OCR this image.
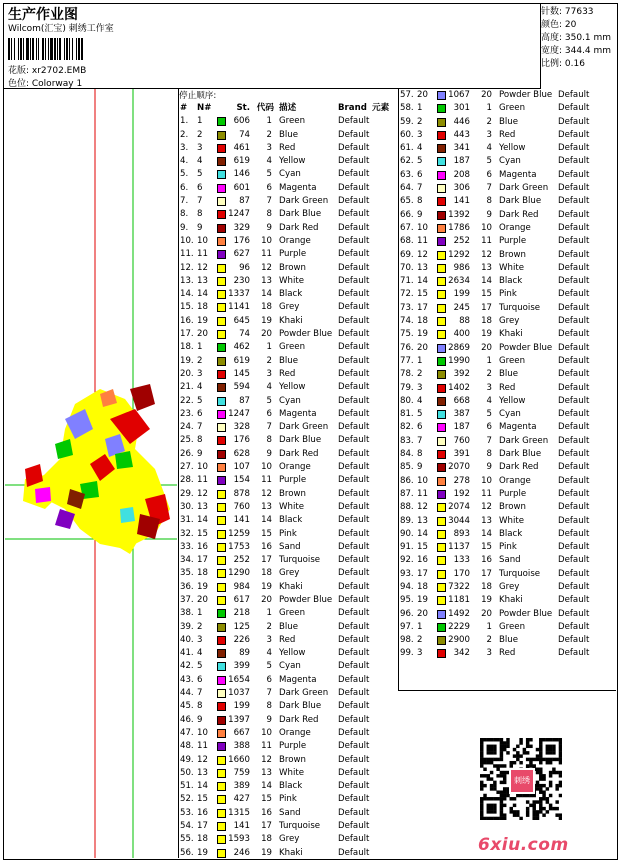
生产作业图
Wilcom(汇宝) 刺绣工作室
花版: xr2702.EMB
色位: Colorway 1
针数: 77633
颜色: 20
高度: 350.1 mm
宽度: 344.4 mm
比例: 0.16
停止顺序:
# N#	St. 代码 描述	Brand 元素
1. 1	606	1 Green	Default
2. 2	74	2 Blue	Default
3. 3	461	3 Red	Default
4. 4	619	4 Yellow	Default
5. 5	146	5 Cyan	Default
6. 6	601	6 Magenta Default
7. 7	87	7 Dark Green Default
8. 8	1247	8 Dark Blue Default
9. 9	329	9 Dark Red Default
10. 10	176	10 Orange	Default
11. 11	627	11 Purple	Default
12. 12	96	12 Brown	Default
13. 13	230	13 White	Default
14. 14 1337	14 Black	Default
15. 18 1141	18 Grey	Default
16. 19	645	19 Khaki	Default
17. 20	74	20 Powder Blue Default
18. 1	462	1 Green	Default
19. 2	619	2 Blue	Default
20. 3	145	3 Red	Default
21. 4	594	4 Yellow	Default
22. 5	87	5 Cyan	Default
23. 6	1247	6 Magenta Default
24. 7	328	7 Dark Green Default
25. 8	176	8 Dark Blue Default
26. 9	628	9 Dark Red Default
27. 10	107	10 Orange	Default
28. 11	154	11 Purple	Default
29. 12	878	12 Brown	Default
30. 13	760	13 White	Default
31. 14	141	14 Black	Default
32. 15 1259	15 Pink	Default
33. 16 1753	16 Sand	Default
34. 17	252	17 Turquoise Default
35. 18 1290	18 Grey	Default
36. 19	984	19 Khaki	Default
37. 20	617	20 Powder Blue Default
38. 1	218	1 Green	Default
39. 2	125	2 Blue	Default
40. 3	226	3 Red	Default
41. 4	89	4 Yellow	Default
42. 5	399	5 Cyan	Default
43. 6	1654	6 Magenta Default
44. 7	1037	7 Dark Green Default
45. 8	199	8 Dark Blue Default
46. 9	1397	9 Dark Red Default
47. 10	667	10 Orange	Default
48. 11	388	11 Purple	Default
49. 12 1660	12 Brown	Default
50. 13	759	13 White	Default
51. 14	389	14 Black	Default
52. 15	427	15 Pink	Default
53. 16 1315	16 Sand	Default
54. 17	141	17 Turquoise Default
55. 18 1593	18 Grey	Default
56. 19	246	19 Khaki	Default
57. 20 1067	20 Powder Blue Default
58. 1	301	1 Green	Default
59. 2	446	2 Blue	Default
60. 3	443	3 Red	Default
61. 4	341	4 Yellow	Default
62. 5	187	5 Cyan	Default
63. 6	208	6 Magenta Default
64. 7	306	7 Dark Green Default
65. 8	141	8 Dark Blue Default
66. 9	1392	9 Dark Red Default
67. 10 1786	10 Orange	Default
68. 11	252	11 Purple	Default
69. 12 1292	12 Brown	Default
70. 13	986	13 White	Default
71. 14 2634	14 Black	Default
72. 15	199	15 Pink	Default
73. 17	245	17 Turquoise Default
74. 18	88	18 Grey	Default
75. 19	400	19 Khaki	Default
76. 20 2869	20 Powder Blue Default
77. 1	1990	1 Green	Default
78. 2	392	2 Blue	Default
79. 3	1402	3 Red	Default
80. 4	668	4 Yellow	Default
81. 5	387	5 Cyan	Default
82. 6	187	6 Magenta Default
83. 7	760	7 Dark Green Default
84. 8	391	8 Dark Blue Default
85. 9	2070	9 Dark Red Default
86. 10	278	10 Orange	Default
87. 11	192	11 Purple	Default
88. 12 2074	12 Brown	Default
89. 13 3044	13 White	Default
90. 14	893	14 Black	Default
91. 15 1137	15 Pink	Default
92. 16	133	16 Sand	Default
93. 17	170	17 Turquoise Default
94. 18 7322	18 Grey	Default
95. 19 1181	19 Khaki	Default
96. 20 1492	20 Powder Blue Default
97. 1	2229	1 Green	Default
98. 2	2900	2 Blue	Default
99. 3	342	3 Red	Default
刺绣
6xiu.com
